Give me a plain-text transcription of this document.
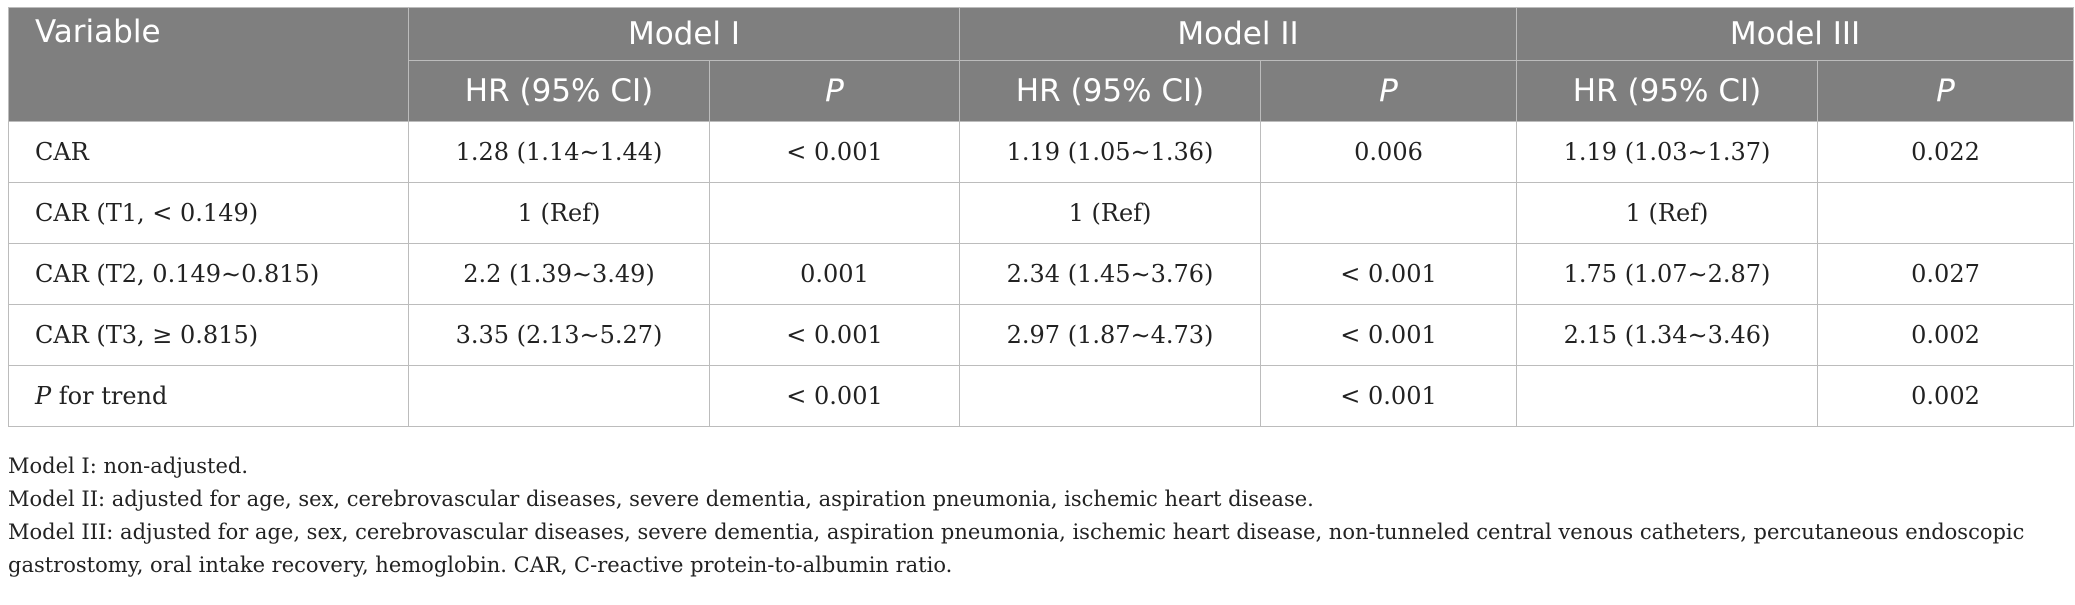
Variable	Model I		Model II		Model III	
	HR (95% CI)	P	HR (95% CI)	P	HR (95% CI)	P
CAR	1.28 (1.14∼1.44)	< 0.001	1.19 (1.05∼1.36)	0.006	1.19 (1.03∼1.37)	0.022
CAR (T1, < 0.149)	1 (Ref)		1 (Ref)		1 (Ref)	
CAR (T2, 0.149∼0.815)	2.2 (1.39∼3.49)	0.001	2.34 (1.45∼3.76)	< 0.001	1.75 (1.07∼2.87)	0.027
CAR (T3, ≥ 0.815)	3.35 (2.13∼5.27)	< 0.001	2.97 (1.87∼4.73)	< 0.001	2.15 (1.34∼3.46)	0.002
P for trend		< 0.001		< 0.001		0.002

Model I: non-adjusted.

Model II: adjusted for age, sex, cerebrovascular diseases, severe dementia, aspiration pneumonia, ischemic heart disease.

Model III: adjusted for age, sex, cerebrovascular diseases, severe dementia, aspiration pneumonia, ischemic heart disease, non-tunneled central venous catheters, percutaneous endoscopic gastrostomy, oral intake recovery, hemoglobin. CAR, C-reactive protein-to-albumin ratio.
